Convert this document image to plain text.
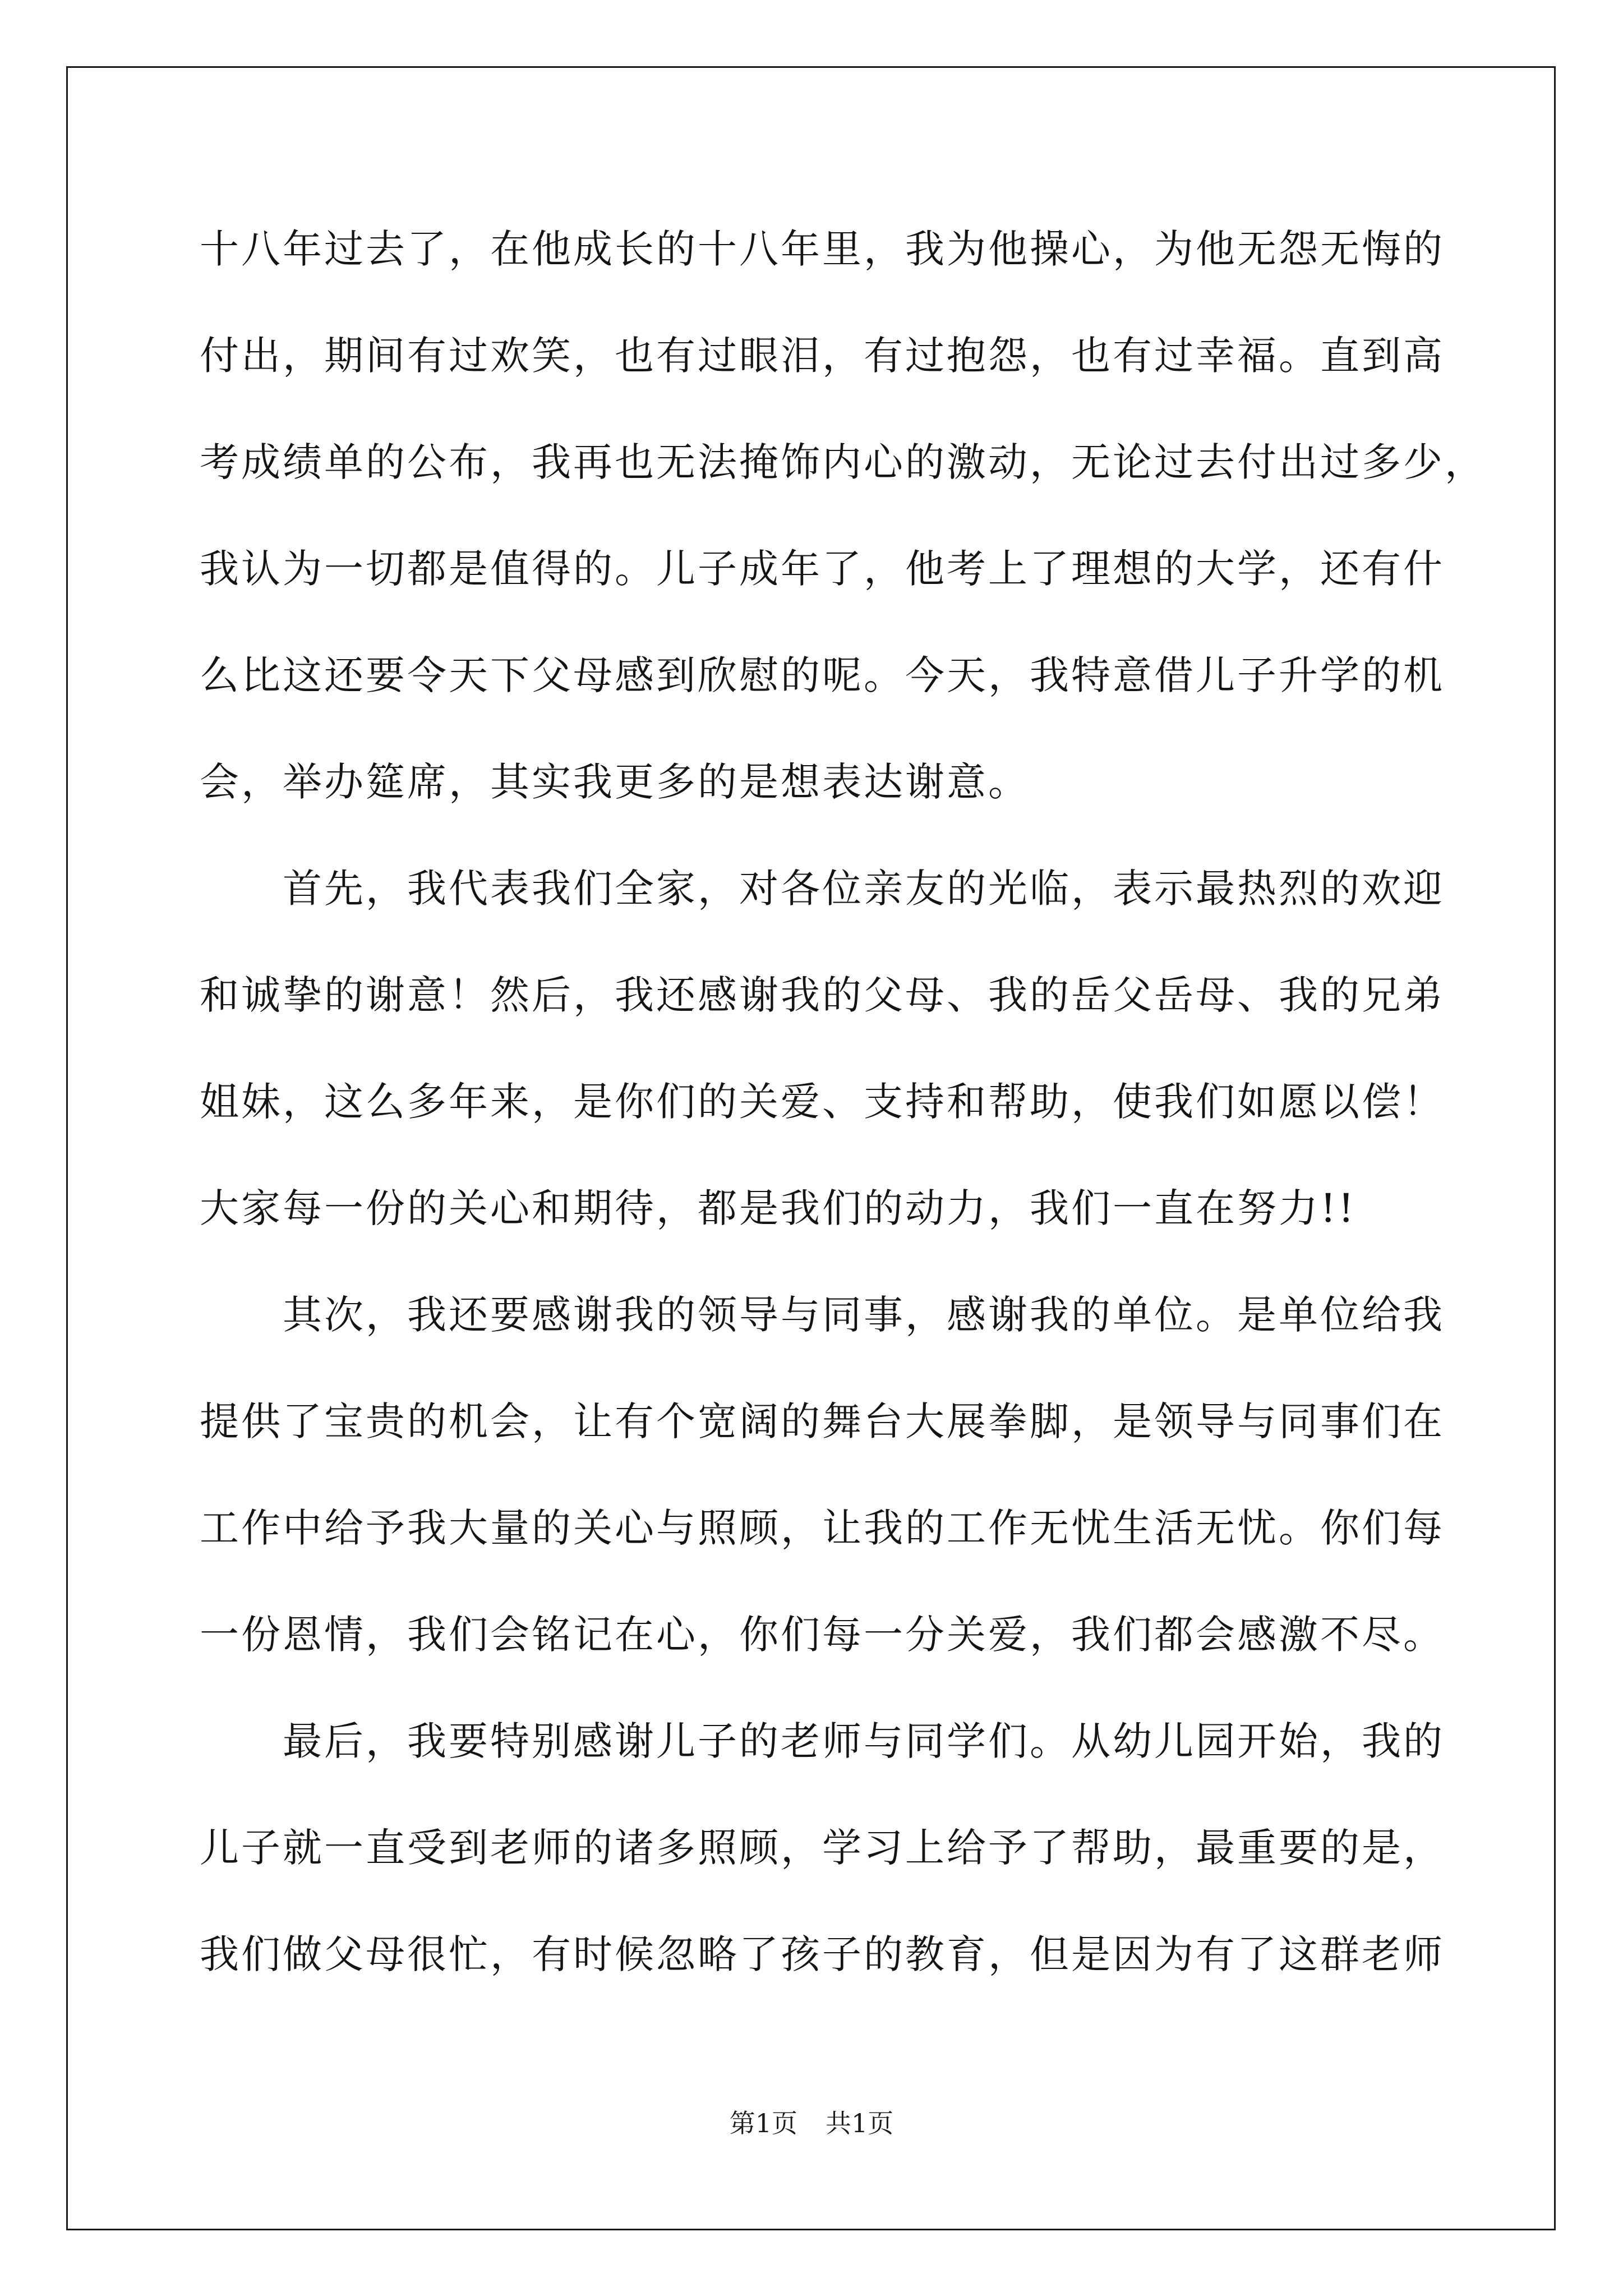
十八年过去了，在他成长的十八年里，我为他操心，为他无怨无悔的
付出，期间有过欢笑，也有过眼泪，有过抱怨，也有过幸福。直到高
考成绩单的公布，我再也无法掩饰内心的激动，无论过去付出过多少，
我认为一切都是值得的。儿子成年了，他考上了理想的大学，还有什
么比这还要令天下父母感到欣慰的呢。今天，我特意借儿子升学的机
会，举办筵席，其实我更多的是想表达谢意。
首先，我代表我们全家，对各位亲友的光临，表示最热烈的欢迎
和诚挚的谢意！然后，我还感谢我的父母、我的岳父岳母、我的兄弟
姐妹，这么多年来，是你们的关爱、支持和帮助，使我们如愿以偿！
大家每一份的关心和期待，都是我们的动力，我们一直在努力!!
其次，我还要感谢我的领导与同事，感谢我的单位。是单位给我
提供了宝贵的机会，让有个宽阔的舞台大展拳脚，是领导与同事们在
工作中给予我大量的关心与照顾，让我的工作无忧生活无忧。你们每
一份恩情，我们会铭记在心，你们每一分关爱，我们都会感激不尽。
最后，我要特别感谢儿子的老师与同学们。从幼儿园开始，我的
儿子就一直受到老师的诸多照顾，学习上给予了帮助，最重要的是，
我们做父母很忙，有时候忽略了孩子的教育，但是因为有了这群老师
第1页 共1页
